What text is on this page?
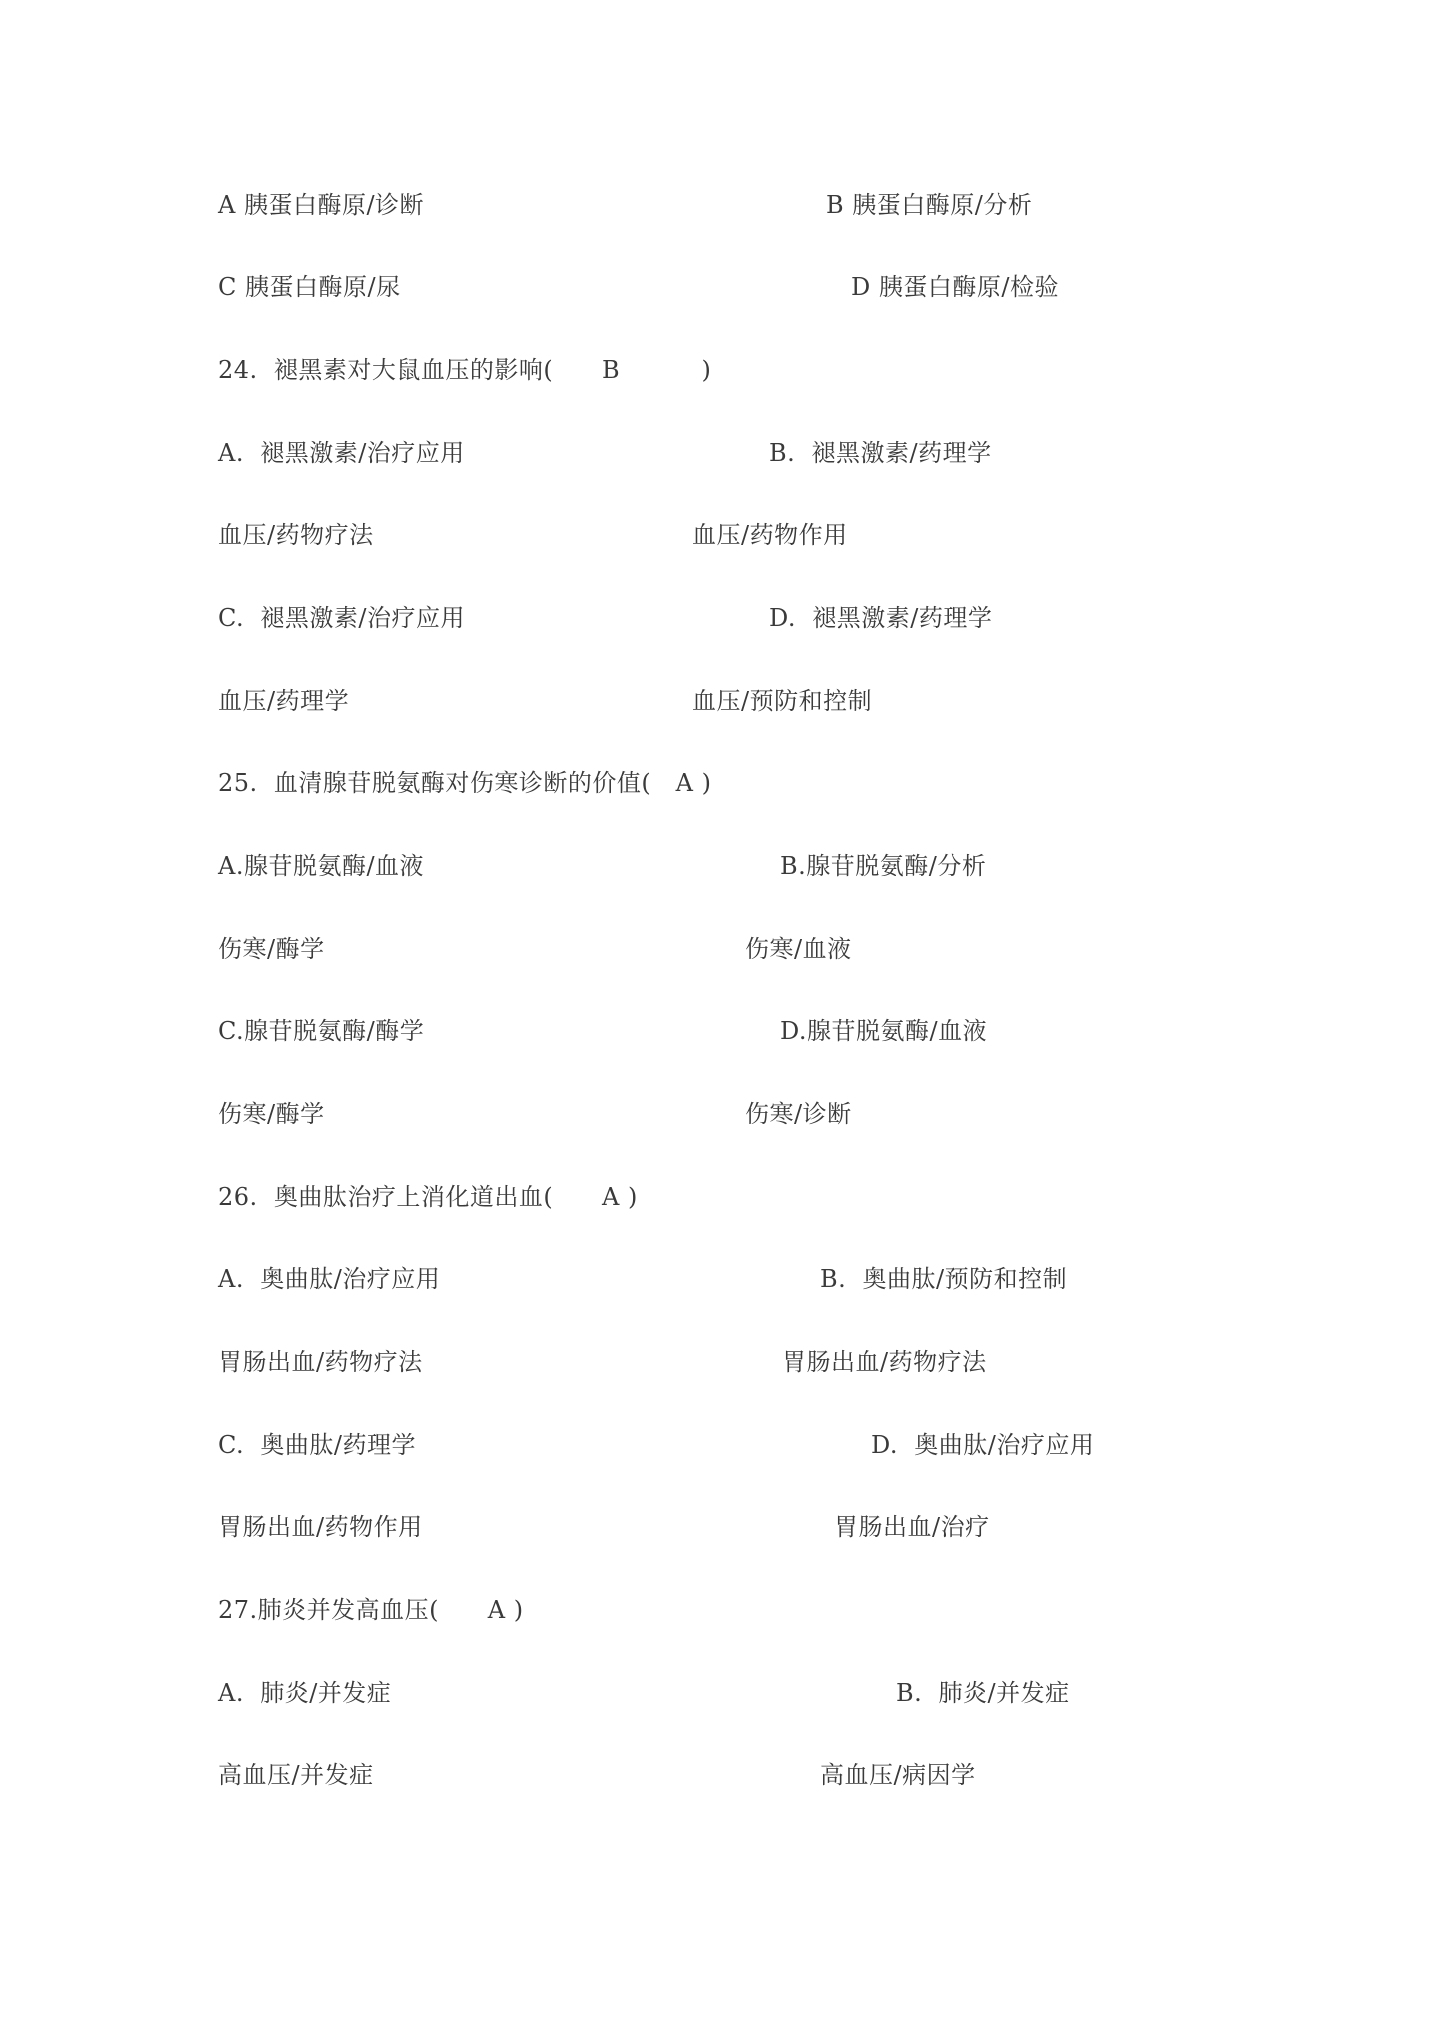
A 胰蛋白酶原/诊断	B 胰蛋白酶原/分析
C 胰蛋白酶原/尿	D 胰蛋白酶原/检验
24.  褪黑素对大鼠血压的影响(      B          )
A.  褪黑激素/治疗应用	B.  褪黑激素/药理学
血压/药物疗法	血压/药物作用
C.  褪黑激素/治疗应用	D.  褪黑激素/药理学
血压/药理学	血压/预防和控制
25.  血清腺苷脱氨酶对伤寒诊断的价值(   A )
A.腺苷脱氨酶/血液	B.腺苷脱氨酶/分析
伤寒/酶学	伤寒/血液
C.腺苷脱氨酶/酶学	D.腺苷脱氨酶/血液
伤寒/酶学	伤寒/诊断
26.  奥曲肽治疗上消化道出血(      A )
A.  奥曲肽/治疗应用	B.  奥曲肽/预防和控制
胃肠出血/药物疗法	胃肠出血/药物疗法
C.  奥曲肽/药理学	D.  奥曲肽/治疗应用
胃肠出血/药物作用	胃肠出血/治疗
27.肺炎并发高血压(      A )
A.  肺炎/并发症	B.  肺炎/并发症
高血压/并发症	高血压/病因学
